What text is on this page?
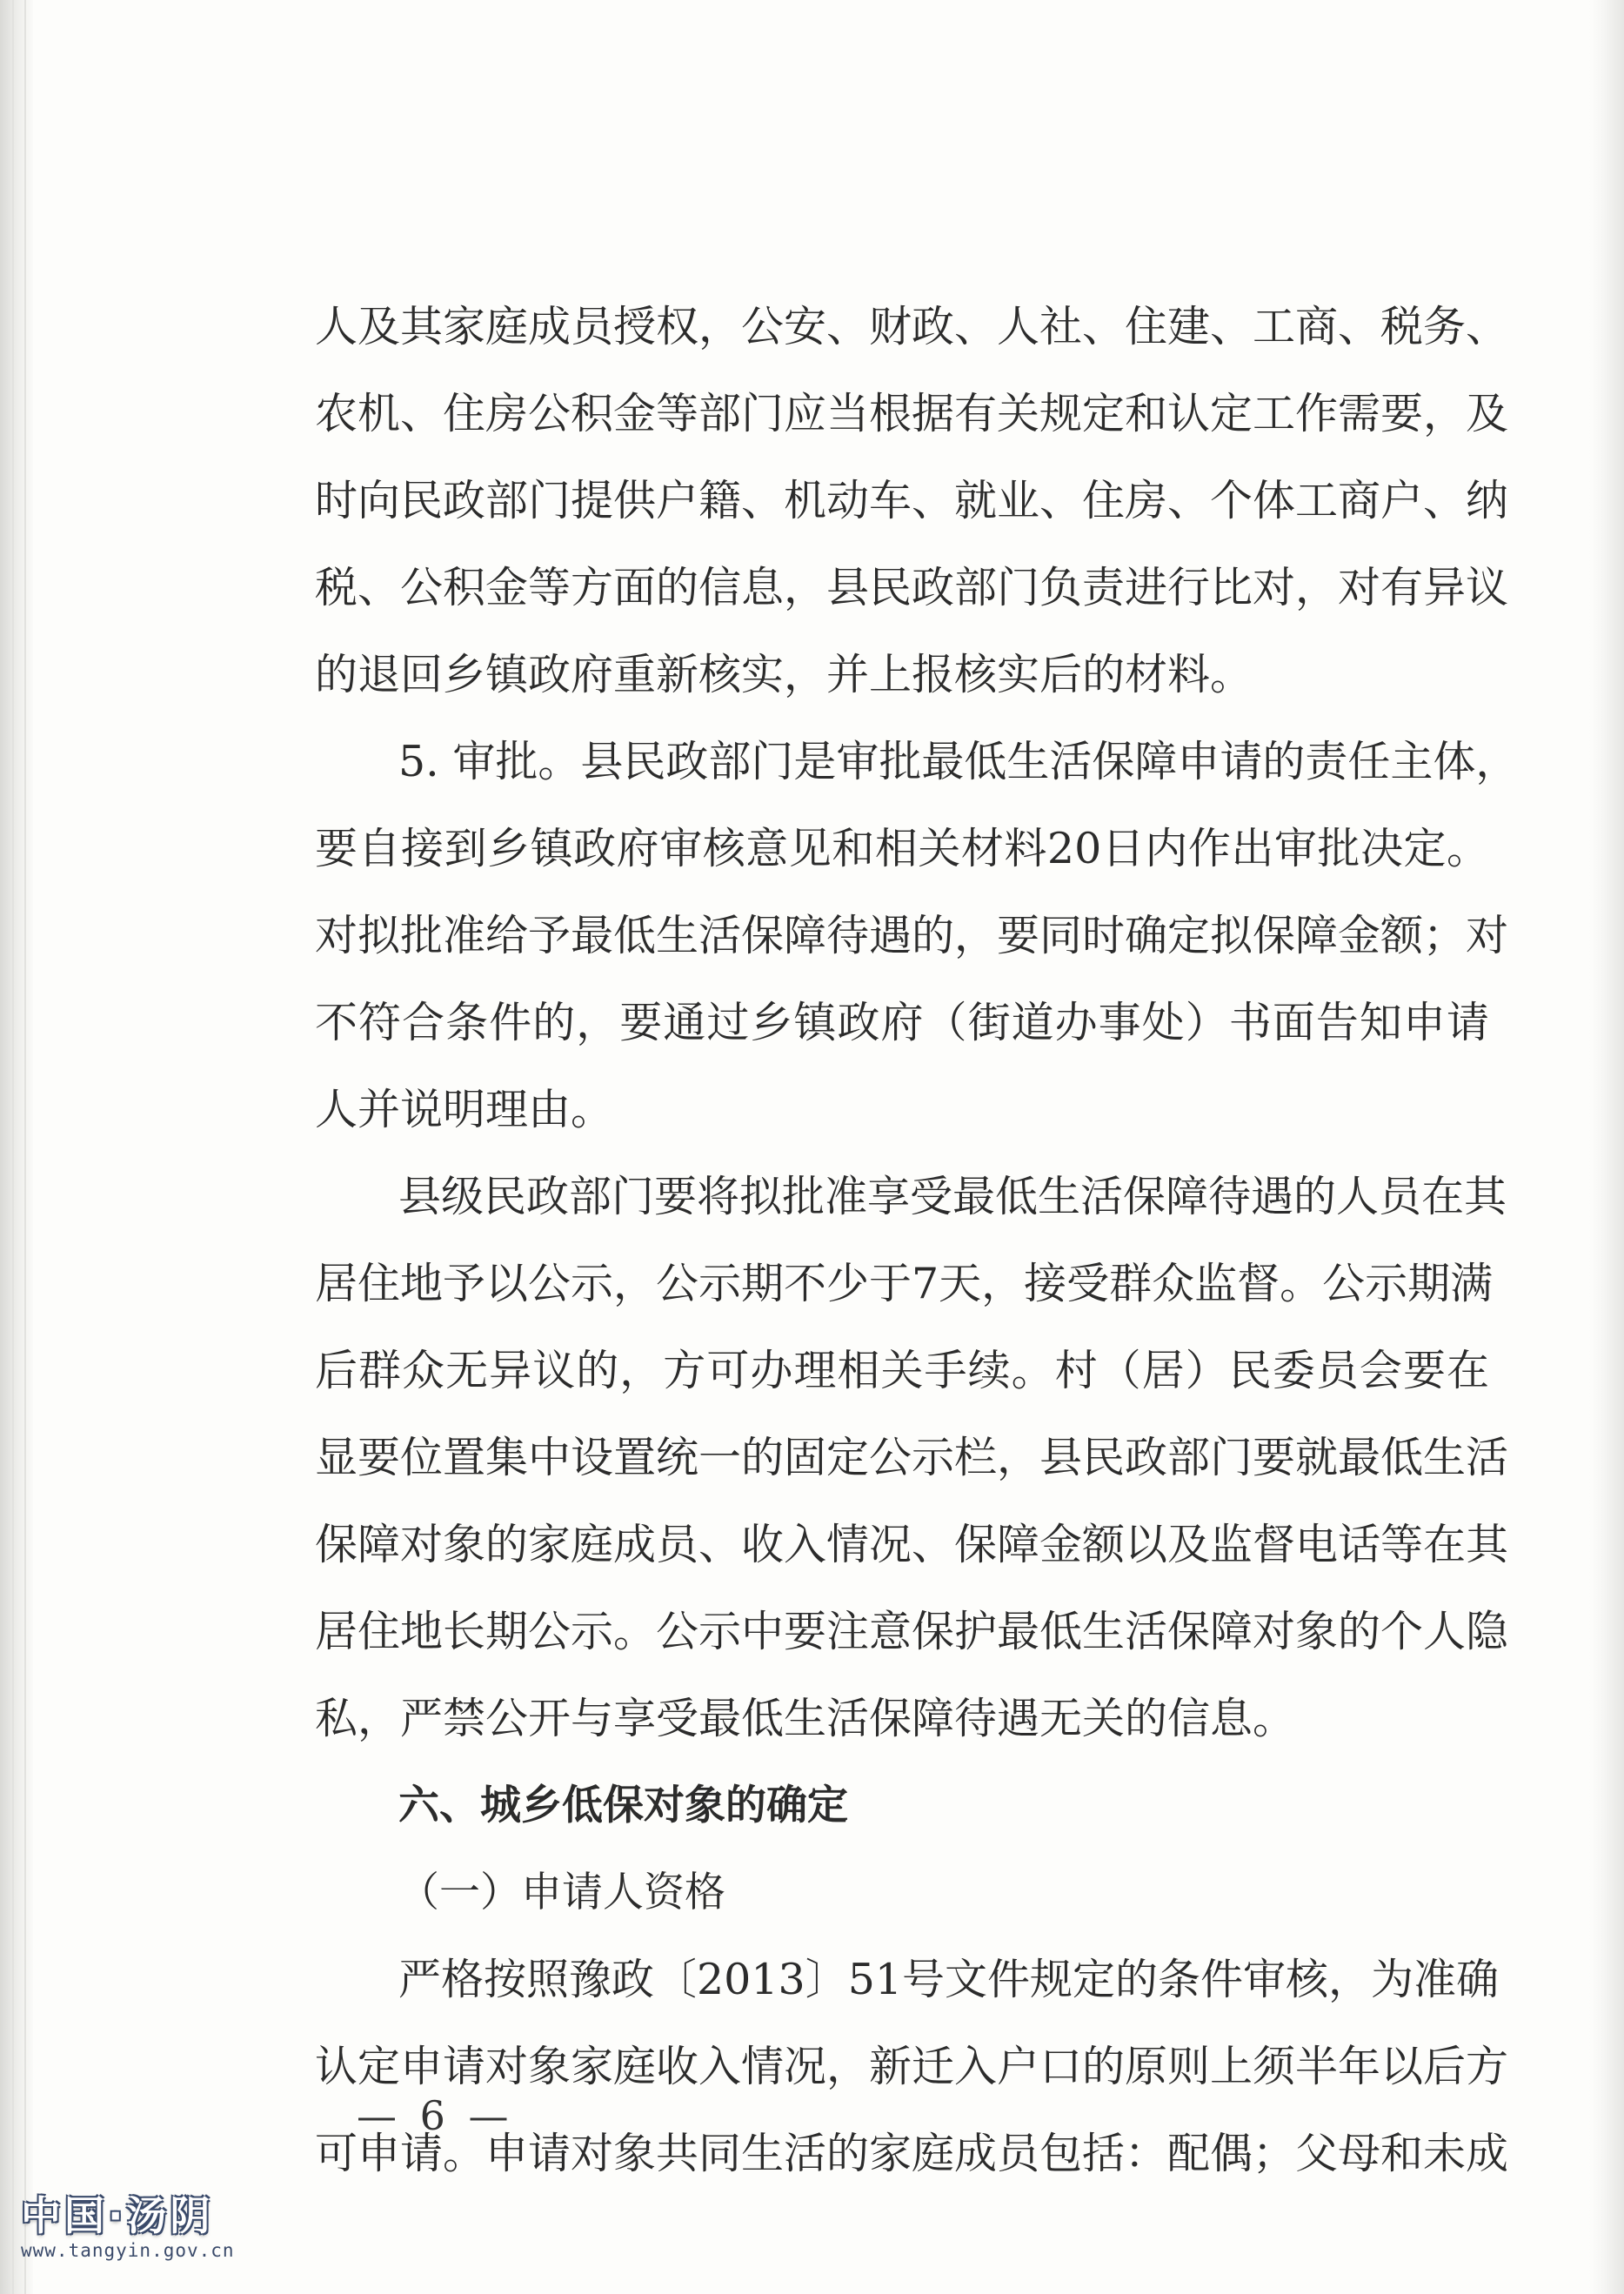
人及其家庭成员授权，公安、财政、人社、住建、工商、税务、
农机、住房公积金等部门应当根据有关规定和认定工作需要，及
时向民政部门提供户籍、机动车、就业、住房、个体工商户、纳
税、公积金等方面的信息，县民政部门负责进行比对，对有异议
的退回乡镇政府重新核实，并上报核实后的材料。
5. 审批。县民政部门是审批最低生活保障申请的责任主体，
要自接到乡镇政府审核意见和相关材料20日内作出审批决定。
对拟批准给予最低生活保障待遇的，要同时确定拟保障金额；对
不符合条件的，要通过乡镇政府（街道办事处）书面告知申请
人并说明理由。
县级民政部门要将拟批准享受最低生活保障待遇的人员在其
居住地予以公示，公示期不少于7天，接受群众监督。公示期满
后群众无异议的，方可办理相关手续。村（居）民委员会要在
显要位置集中设置统一的固定公示栏，县民政部门要就最低生活
保障对象的家庭成员、收入情况、保障金额以及监督电话等在其
居住地长期公示。公示中要注意保护最低生活保障对象的个人隐
私，严禁公开与享受最低生活保障待遇无关的信息。
六、城乡低保对象的确定
（一）申请人资格
严格按照豫政〔2013〕51号文件规定的条件审核，为准确
认定申请对象家庭收入情况，新迁入户口的原则上须半年以后方
可申请。申请对象共同生活的家庭成员包括：配偶；父母和未成
— 6 —
中国·汤阴
www.tangyin.gov.cn
